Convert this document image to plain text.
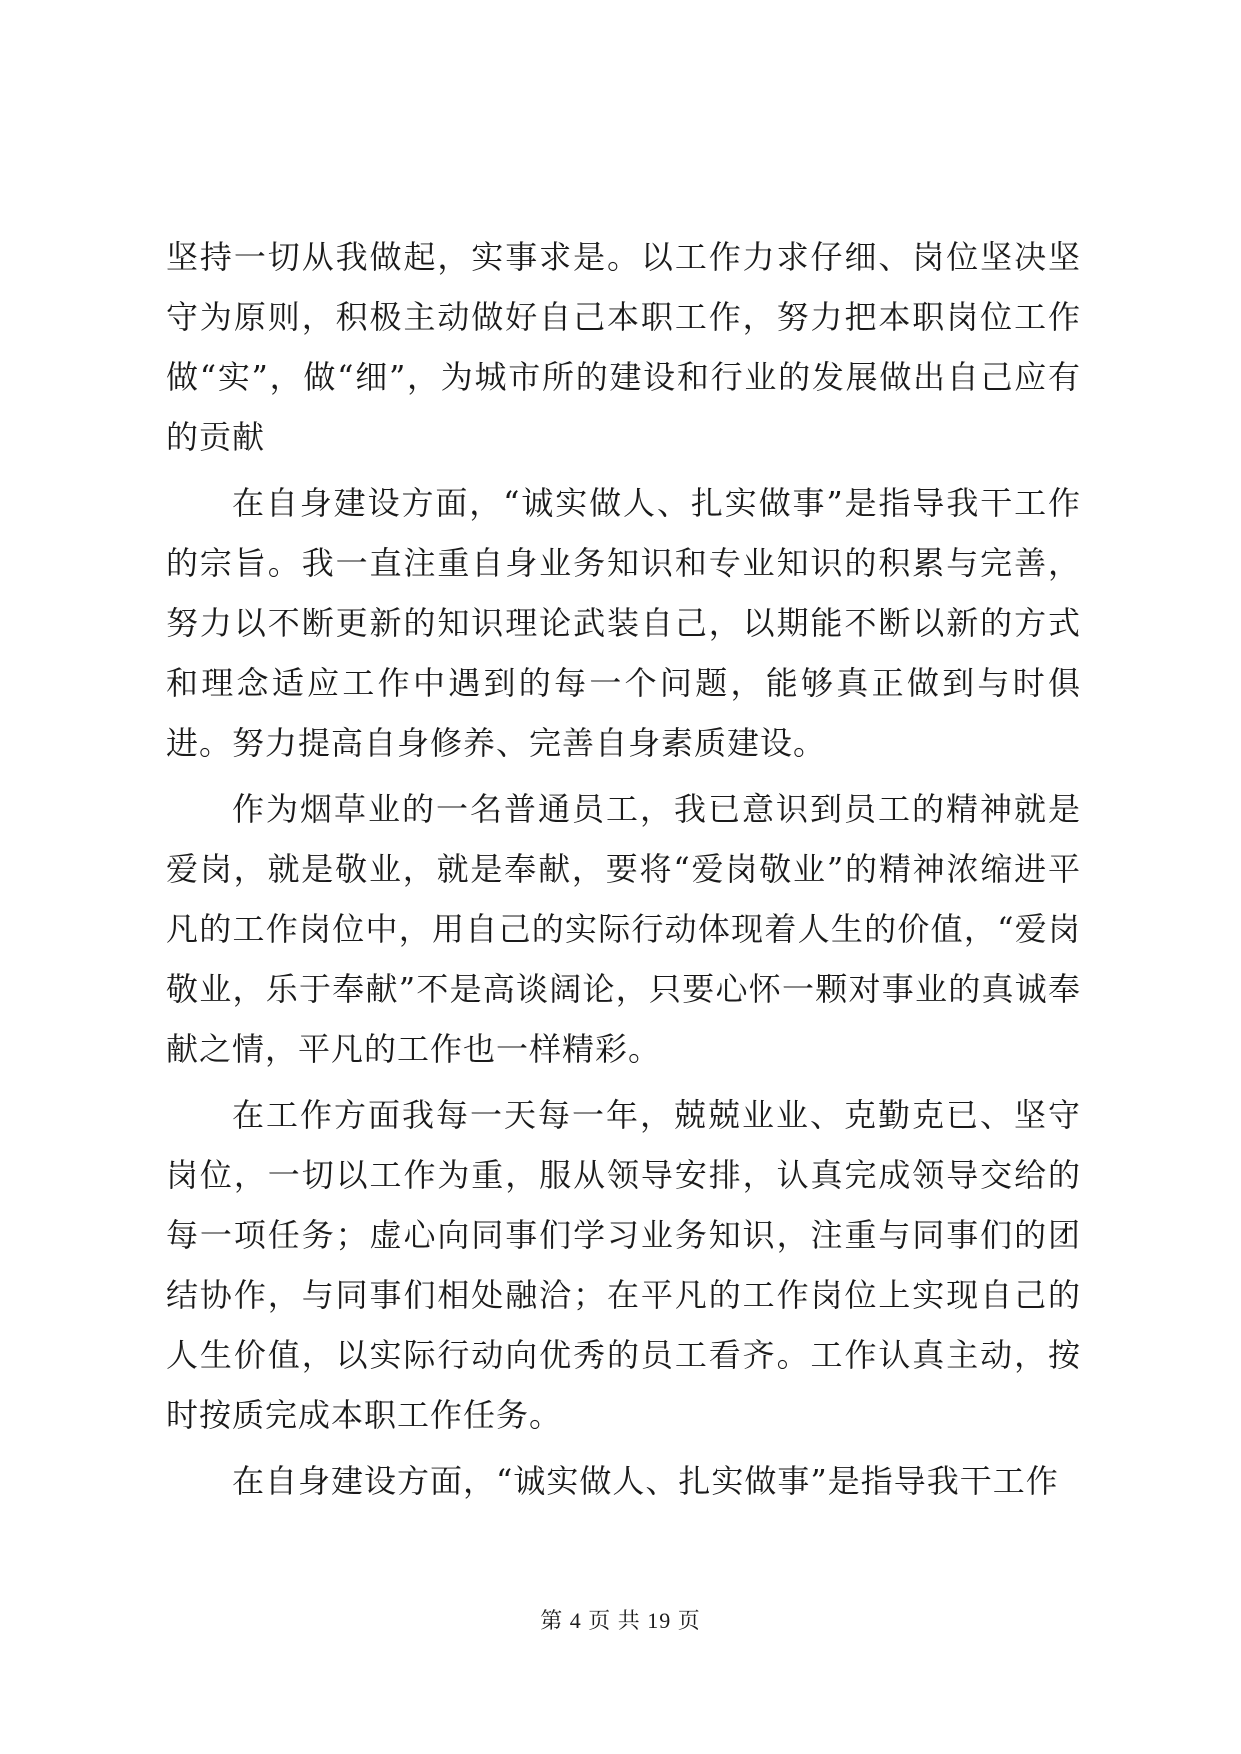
坚持一切从我做起，实事求是。以工作力求仔细、岗位坚决坚守为原则，积极主动做好自己本职工作，努力把本职岗位工作做“实”，做“细”，为城市所的建设和行业的发展做出自己应有的贡献

在自身建设方面，“诚实做人、扎实做事”是指导我干工作的宗旨。我一直注重自身业务知识和专业知识的积累与完善，努力以不断更新的知识理论武装自己，以期能不断以新的方式和理念适应工作中遇到的每一个问题，能够真正做到与时俱进。努力提高自身修养、完善自身素质建设。

作为烟草业的一名普通员工，我已意识到员工的精神就是爱岗，就是敬业，就是奉献，要将“爱岗敬业”的精神浓缩进平凡的工作岗位中，用自己的实际行动体现着人生的价值，“爱岗敬业，乐于奉献”不是高谈阔论，只要心怀一颗对事业的真诚奉献之情，平凡的工作也一样精彩。

在工作方面我每一天每一年，兢兢业业、克勤克已、坚守岗位，一切以工作为重，服从领导安排，认真完成领导交给的每一项任务；虚心向同事们学习业务知识，注重与同事们的团结协作，与同事们相处融洽；在平凡的工作岗位上实现自己的人生价值，以实际行动向优秀的员工看齐。工作认真主动，按时按质完成本职工作任务。

在自身建设方面，“诚实做人、扎实做事”是指导我干工作

第 4 页 共 19 页
